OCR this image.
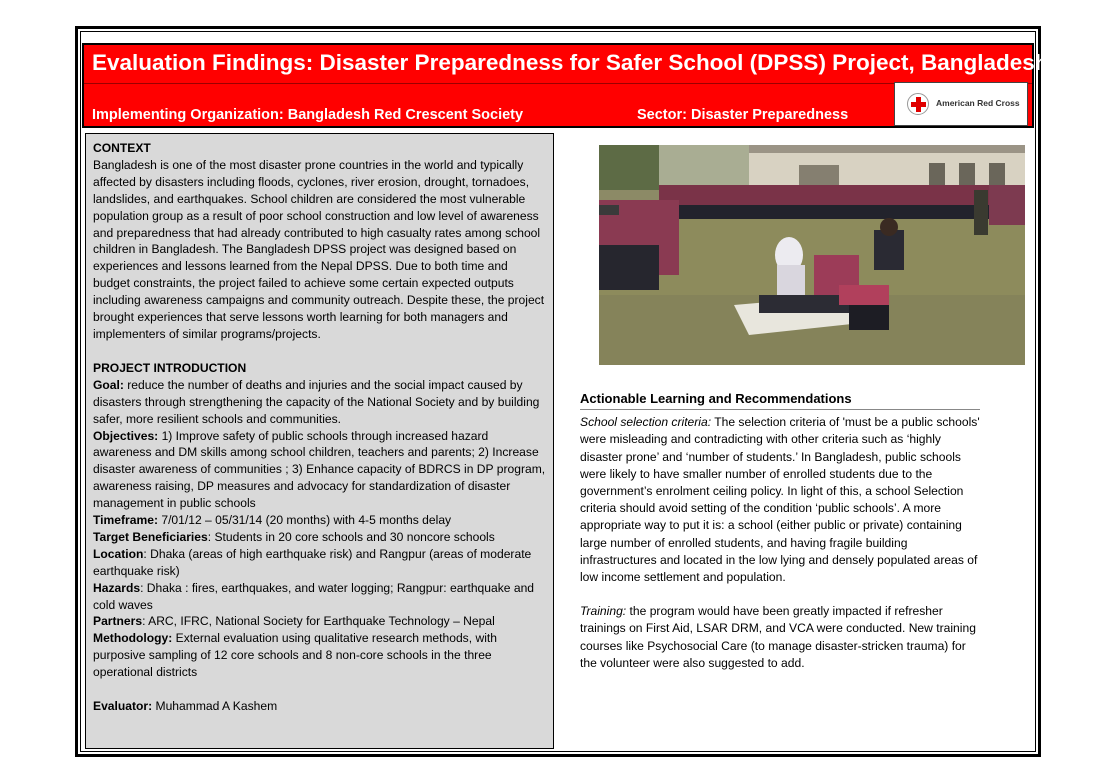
Evaluation Findings: Disaster Preparedness for Safer School (DPSS) Project, Bangladesh
Implementing Organization: Bangladesh Red Crescent Society	Sector: Disaster Preparedness
American Red Cross

CONTEXT

Bangladesh is one of the most disaster prone countries in the world and typically affected by disasters including floods, cyclones, river erosion, drought, tornadoes, landslides, and earthquakes. School children are considered the most vulnerable population group as a result of poor school construction and low level of awareness and preparedness that had already contributed to high casualty rates among school children in Bangladesh. The Bangladesh DPSS project was designed based on experiences and lessons learned from the Nepal DPSS. Due to both time and budget constraints, the project failed to achieve some certain expected outputs including awareness campaigns and community outreach. Despite these, the project brought experiences that serve lessons worth learning for both managers and implementers of similar programs/projects.

PROJECT INTRODUCTION

Goal: reduce the number of deaths and injuries and the social impact caused by disasters through strengthening the capacity of the National Society and by building safer, more resilient schools and communities.

Objectives: 1) Improve safety of public schools through increased hazard awareness and DM skills among school children, teachers and parents; 2) Increase disaster awareness of communities ; 3) Enhance capacity of BDRCS in DP program, awareness raising, DP measures and advocacy for standardization of disaster management in public schools

Timeframe: 7/01/12 – 05/31/14 (20 months) with 4-5 months delay

Target Beneficiaries: Students in 20 core schools and 30 noncore schools

Location: Dhaka (areas of high earthquake risk) and Rangpur (areas of moderate earthquake risk)

Hazards: Dhaka : fires, earthquakes, and water logging; Rangpur: earthquake and cold waves

Partners: ARC, IFRC, National Society for Earthquake Technology – Nepal

Methodology: External evaluation using qualitative research methods, with purposive sampling of 12 core schools and 8 non-core schools in the three operational districts

Evaluator: Muhammad A Kashem

Actionable Learning and Recommendations

School selection criteria: The selection criteria of 'must be a public schools' were misleading and contradicting with other criteria such as ‘highly disaster prone’ and ‘number of students.’ In Bangladesh, public schools were likely to have smaller number of enrolled students due to the government’s enrolment ceiling policy. In light of this, a school Selection criteria should avoid setting of the condition ‘public schools’. A more appropriate way to put it is: a school (either public or private) containing large number of enrolled students, and having fragile building infrastructures and located in the low lying and densely populated areas of low income settlement and population.

Training: the program would have been greatly impacted if refresher trainings on First Aid, LSAR DRM, and VCA were conducted. New training courses like Psychosocial Care (to manage disaster-stricken trauma) for the volunteer were also suggested to add.
